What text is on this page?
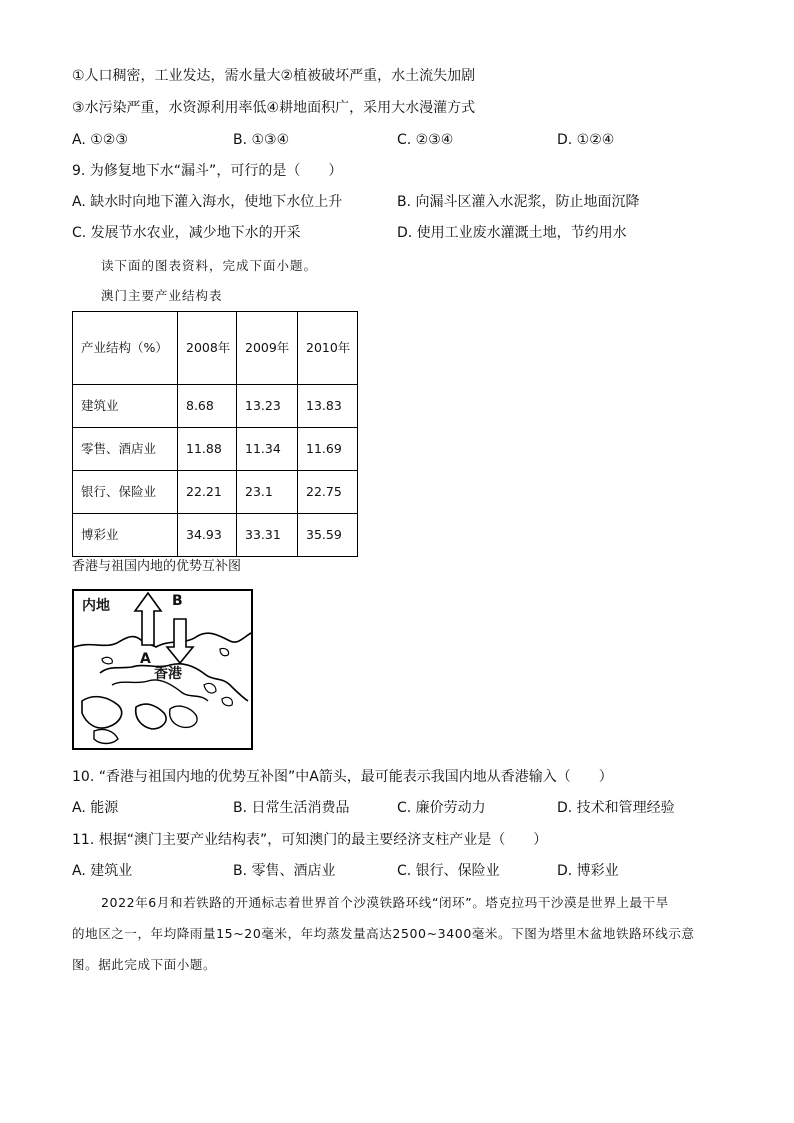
①人口稠密，工业发达，需水量大②植被破坏严重，水土流失加剧
③水污染严重，水资源利用率低④耕地面积广，采用大水漫灌方式
A. ①②③	B. ①③④	C. ②③④	D. ①②④
9. 为修复地下水“漏斗”，可行的是（　　）
A. 缺水时向地下灌入海水，使地下水位上升	B. 向漏斗区灌入水泥浆，防止地面沉降
C. 发展节水农业，减少地下水的开采	D. 使用工业废水灌溉土地，节约用水
读下面的图表资料，完成下面小题。
澳门主要产业结构表
产业结构（%）	2008年	2009年	2010年
建筑业	8.68	13.23	13.83
零售、酒店业	11.88	11.34	11.69
银行、保险业	22.21	23.1	22.75
博彩业	34.93	33.31	35.59
香港与祖国内地的优势互补图
内地	B
A
香港
10. “香港与祖国内地的优势互补图”中A箭头，最可能表示我国内地从香港输入（　　）
A. 能源	B. 日常生活消费品	C. 廉价劳动力	D. 技术和管理经验
11. 根据“澳门主要产业结构表”，可知澳门的最主要经济支柱产业是（　　）
A. 建筑业	B. 零售、酒店业	C. 银行、保险业	D. 博彩业
2022年6月和若铁路的开通标志着世界首个沙漠铁路环线“闭环”。塔克拉玛干沙漠是世界上最干旱
的地区之一，年均降雨量15~20毫米，年均蒸发量高达2500~3400毫米。下图为塔里木盆地铁路环线示意
图。据此完成下面小题。
